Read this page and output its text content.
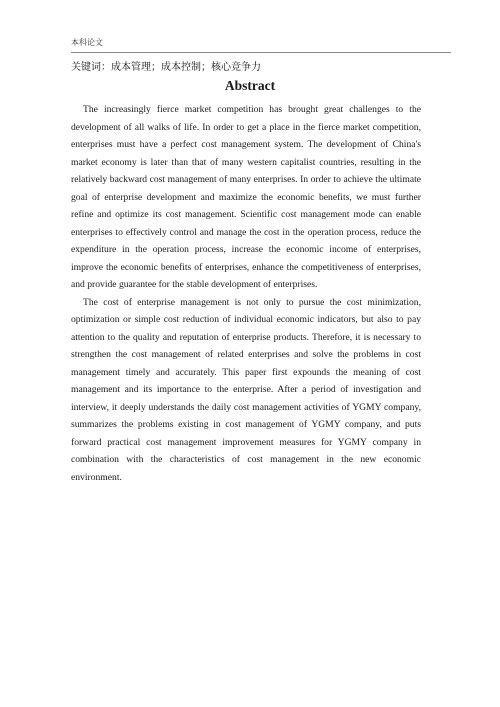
本科论文
关键词：成本管理；成本控制；核心竞争力
Abstract

The increasingly fierce market competition has brought great challenges to the development of all walks of life. In order to get a place in the fierce market competition, enterprises must have a perfect cost management system. The development of China's market economy is later than that of many western capitalist countries, resulting in the relatively backward cost management of many enterprises. In order to achieve the ultimate goal of enterprise development and maximize the economic benefits, we must further refine and optimize its cost management. Scientific cost management mode can enable enterprises to effectively control and manage the cost in the operation process, reduce the expenditure in the operation process, increase the economic income of enterprises, improve the economic benefits of enterprises, enhance the competitiveness of enterprises, and provide guarantee for the stable development of enterprises.

The cost of enterprise management is not only to pursue the cost minimization, optimization or simple cost reduction of individual economic indicators, but also to pay attention to the quality and reputation of enterprise products. Therefore, it is necessary to strengthen the cost management of related enterprises and solve the problems in cost management timely and accurately. This paper first expounds the meaning of cost management and its importance to the enterprise. After a period of investigation and interview, it deeply understands the daily cost management activities of YGMY company, summarizes the problems existing in cost management of YGMY company, and puts forward practical cost management improvement measures for YGMY company in combination with the characteristics of cost management in the new economic environment.
